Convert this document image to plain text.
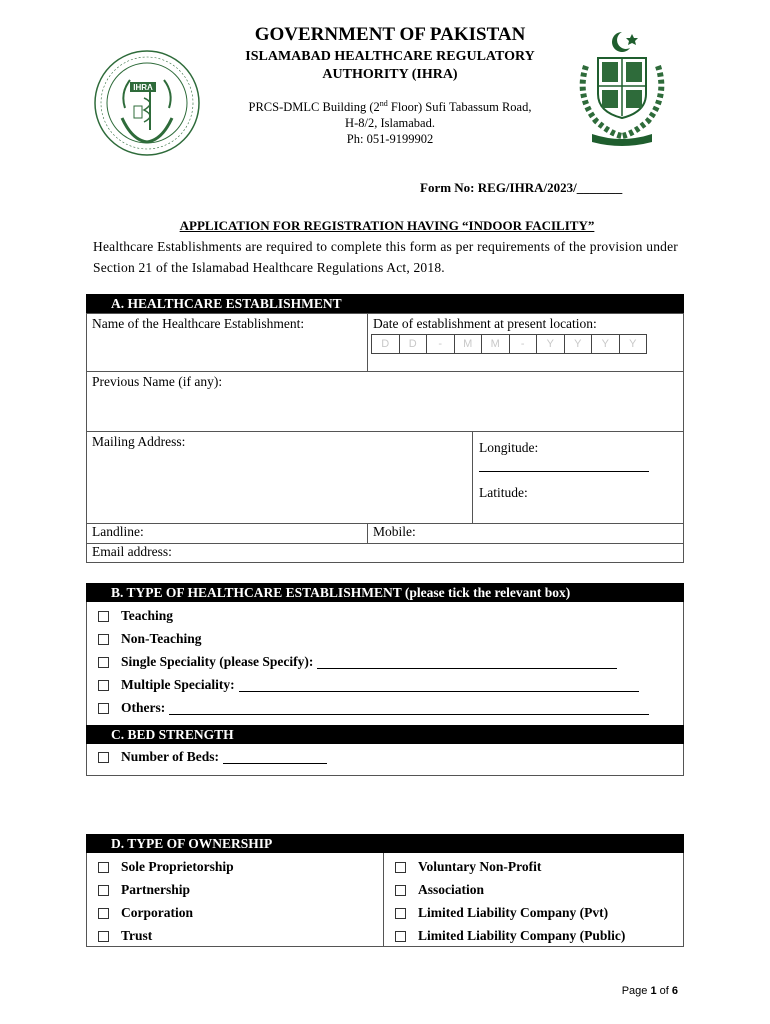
IHRA
GOVERNMENT OF PAKISTAN
ISLAMABAD HEALTHCARE REGULATORY
AUTHORITY (IHRA)
PRCS-DMLC Building (2nd Floor) Sufi Tabassum Road,
H-8/2, Islamabad.
Ph: 051-9199902
Form No: REG/IHRA/2023/_______
APPLICATION FOR REGISTRATION HAVING “INDOOR FACILITY”
Healthcare Establishments are required to complete this form as per requirements of the provision under Section 21 of the Islamabad Healthcare Regulations Act, 2018.
A. HEALTHCARE ESTABLISHMENT
Name of the Healthcare Establishment:	Date of establishment at present location:
D	D	-	M	M	-	Y	Y	Y	Y
Previous Name (if any):
Mailing Address:	Longitude:
Latitude:
Landline:	Mobile:
Email address:
B. TYPE OF HEALTHCARE ESTABLISHMENT (please tick the relevant box)
Teaching
Non-Teaching
Single Speciality (please Specify):
Multiple Speciality:
Others:
C. BED STRENGTH
Number of Beds:
D. TYPE OF OWNERSHIP
Sole Proprietorship
Partnership
Corporation
Trust
Voluntary Non-Profit
Association
Limited Liability Company (Pvt)
Limited Liability Company (Public)
Page 1 of 6
